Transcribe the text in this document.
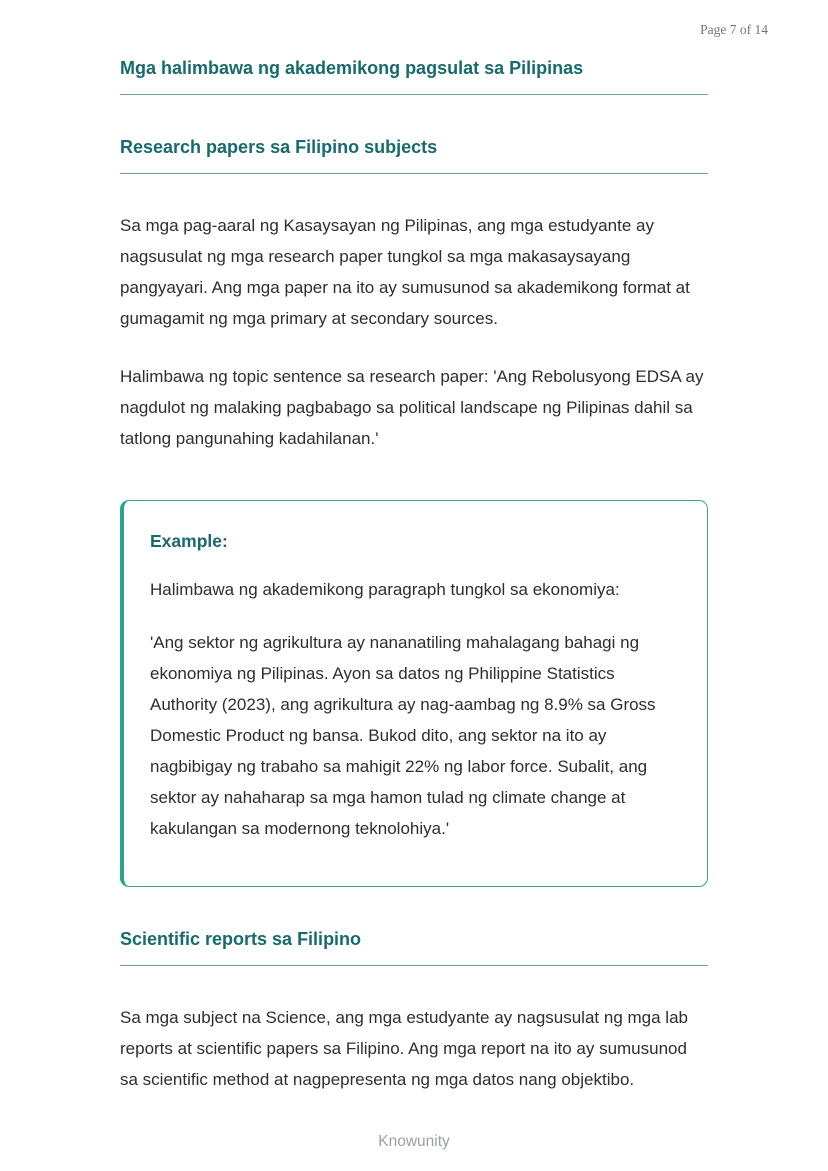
Page 7 of 14
Mga halimbawa ng akademikong pagsulat sa Pilipinas
Research papers sa Filipino subjects

Sa mga pag-aaral ng Kasaysayan ng Pilipinas, ang mga estudyante ay nagsusulat ng mga research paper tungkol sa mga makasaysayang pangyayari. Ang mga paper na ito ay sumusunod sa akademikong format at gumagamit ng mga primary at secondary sources.

Halimbawa ng topic sentence sa research paper: 'Ang Rebolusyong EDSA ay nagdulot ng malaking pagbabago sa political landscape ng Pilipinas dahil sa tatlong pangunahing kadahilanan.'

Example:

Halimbawa ng akademikong paragraph tungkol sa ekonomiya:

'Ang sektor ng agrikultura ay nananatiling mahalagang bahagi ng ekonomiya ng Pilipinas. Ayon sa datos ng Philippine Statistics Authority (2023), ang agrikultura ay nag-aambag ng 8.9% sa Gross Domestic Product ng bansa. Bukod dito, ang sektor na ito ay nagbibigay ng trabaho sa mahigit 22% ng labor force. Subalit, ang sektor ay nahaharap sa mga hamon tulad ng climate change at kakulangan sa modernong teknolohiya.'

Scientific reports sa Filipino

Sa mga subject na Science, ang mga estudyante ay nagsusulat ng mga lab reports at scientific papers sa Filipino. Ang mga report na ito ay sumusunod sa scientific method at nagpepresenta ng mga datos nang objektibo.

Knowunity
